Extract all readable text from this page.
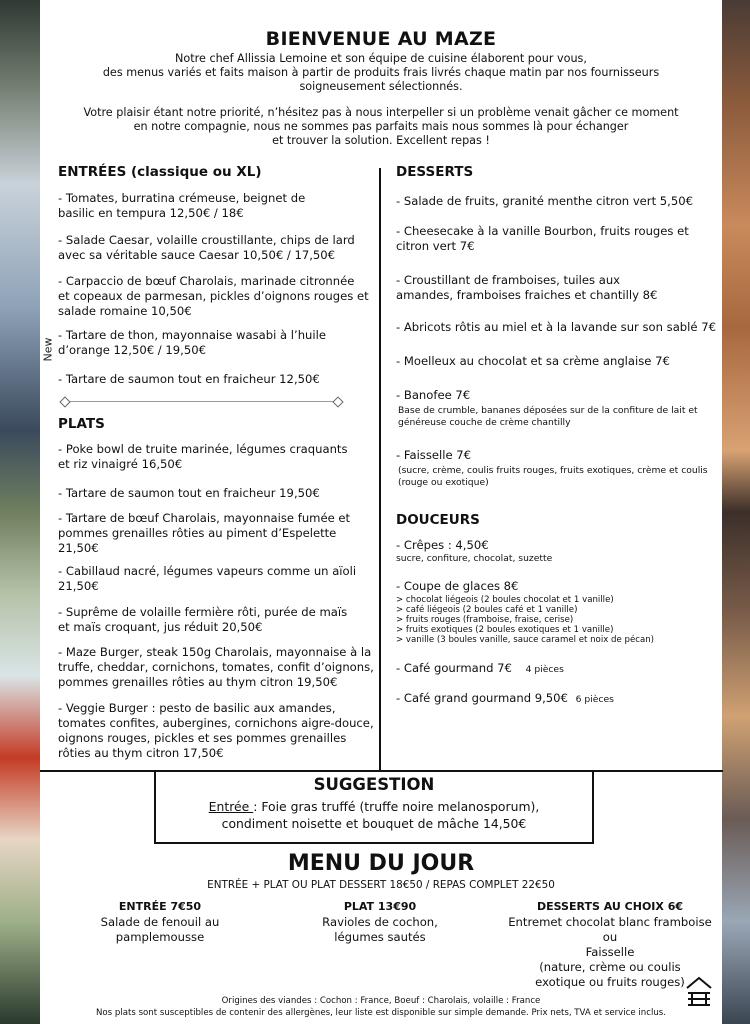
BIENVENUE AU MAZE
Notre chef Allissia Lemoine et son équipe de cuisine élaborent pour vous,
des menus variés et faits maison à partir de produits frais livrés chaque matin par nos fournisseurs
soigneusement sélectionnés.
Votre plaisir étant notre priorité, n’hésitez pas à nous interpeller si un problème venait gâcher ce moment
en notre compagnie, nous ne sommes pas parfaits mais nous sommes là pour échanger
et trouver la solution. Excellent repas !
ENTRÉES (classique ou XL)
- Tomates, burratina crémeuse, beignet de
basilic en tempura 12,50€ / 18€
- Salade Caesar, volaille croustillante, chips de lard
avec sa véritable sauce Caesar 10,50€ / 17,50€
- Carpaccio de bœuf Charolais, marinade citronnée
et copeaux de parmesan, pickles d’oignons rouges et
salade romaine 10,50€
- Tartare de thon, mayonnaise wasabi à l’huile
d’orange 12,50€ / 19,50€
New
- Tartare de saumon tout en fraicheur 12,50€
PLATS
- Poke bowl de truite marinée, légumes craquants
et riz vinaigré 16,50€
- Tartare de saumon tout en fraicheur 19,50€
- Tartare de bœuf Charolais, mayonnaise fumée et
pommes grenailles rôties au piment d’Espelette
21,50€
- Cabillaud nacré, légumes vapeurs comme un aïoli
21,50€
- Suprême de volaille fermière rôti, purée de maïs
et maïs croquant, jus réduit 20,50€
- Maze Burger, steak 150g Charolais, mayonnaise à la
truffe, cheddar, cornichons, tomates, confit d’oignons,
pommes grenailles rôties au thym citron 19,50€
- Veggie Burger : pesto de basilic aux amandes,
tomates confites, aubergines, cornichons aigre-douce,
oignons rouges, pickles et ses pommes grenailles
rôties au thym citron 17,50€
DESSERTS
- Salade de fruits, granité menthe citron vert 5,50€
- Cheesecake à la vanille Bourbon, fruits rouges et
citron vert 7€
- Croustillant de framboises, tuiles aux
amandes, framboises fraiches et chantilly 8€
- Abricots rôtis au miel et à la lavande sur son sablé 7€
- Moelleux au chocolat et sa crème anglaise 7€
- Banofee 7€
Base de crumble, bananes déposées sur de la confiture de lait et
généreuse couche de crème chantilly
- Faisselle 7€
(sucre, crème, coulis fruits rouges, fruits exotiques, crème et coulis
(rouge ou exotique)
DOUCEURS
- Crêpes : 4,50€
sucre, confiture, chocolat, suzette
- Coupe de glaces 8€
> chocolat liégeois (2 boules chocolat et 1 vanille)
> café liégeois (2 boules café et 1 vanille)
> fruits rouges (framboise, fraise, cerise)
> fruits exotiques (2 boules exotiques et 1 vanille)
> vanille (3 boules vanille, sauce caramel et noix de pécan)
- Café gourmand 7€ 4 pièces
- Café grand gourmand 9,50€ 6 pièces
SUGGESTION
Entrée : Foie gras truffé (truffe noire melanosporum),
condiment noisette et bouquet de mâche 14,50€
MENU DU JOUR
ENTRÉE + PLAT OU PLAT DESSERT 18€50 / REPAS COMPLET 22€50
ENTRÉE 7€50
Salade de fenouil au
pamplemousse
PLAT 13€90
Ravioles de cochon,
légumes sautés
DESSERTS AU CHOIX 6€
Entremet chocolat blanc framboise
ou
Faisselle
(nature, crème ou coulis
exotique ou fruits rouges)
Origines des viandes : Cochon : France, Boeuf : Charolais, volaille : France
Nos plats sont susceptibles de contenir des allergènes, leur liste est disponible sur simple demande. Prix nets, TVA et service inclus.
